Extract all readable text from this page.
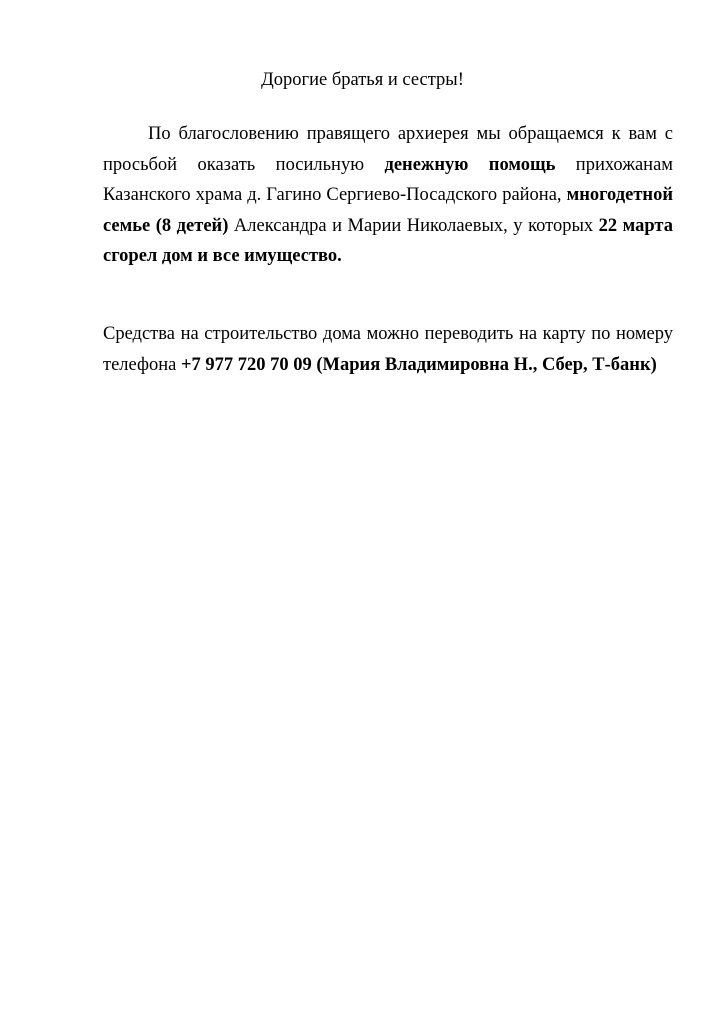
Дорогие братья и сестры!

По благословению правящего архиерея мы обращаемся к вам с просьбой оказать посильную денежную помощь прихожанам Казанского храма д. Гагино Сергиево-Посадского района, многодетной семье (8 детей) Александра и Марии Николаевых, у которых 22 марта сгорел дом и все имущество.

Средства на строительство дома можно переводить на карту по номеру телефона +7 977 720 70 09 (Мария Владимировна Н., Сбер, Т-банк)
